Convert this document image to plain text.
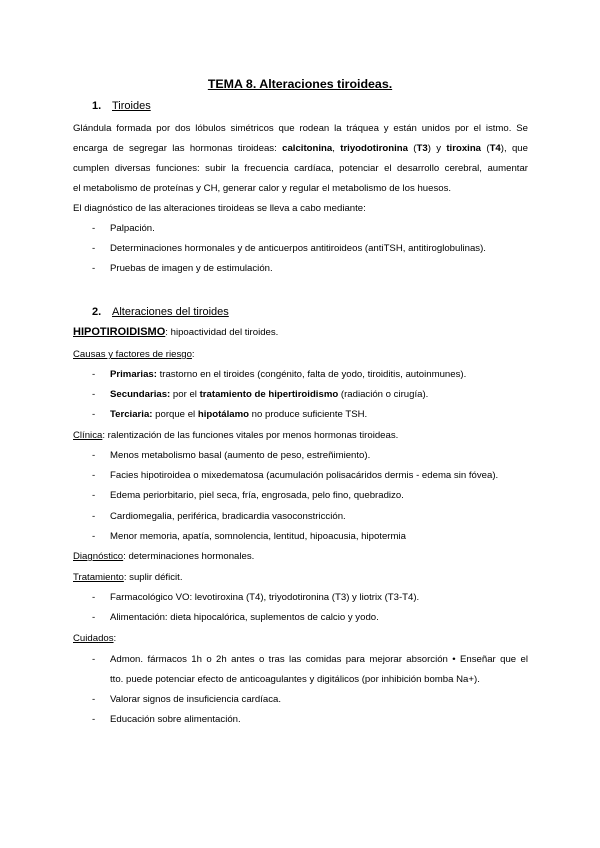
TEMA 8. Alteraciones tiroideas.
1. Tiroides
Glándula formada por dos lóbulos simétricos que rodean la tráquea y están unidos por el istmo. Se
encarga de segregar las hormonas tiroideas: calcitonina, triyodotironina (T3) y tiroxina (T4), que
cumplen diversas funciones: subir la frecuencia cardíaca, potenciar el desarrollo cerebral, aumentar
el metabolismo de proteínas y CH, generar calor y regular el metabolismo de los huesos.
El diagnóstico de las alteraciones tiroideas se lleva a cabo mediante:
- Palpación.
- Determinaciones hormonales y de anticuerpos antitiroideos (antiTSH, antitiroglobulinas).
- Pruebas de imagen y de estimulación.
2. Alteraciones del tiroides
HIPOTIROIDISMO: hipoactividad del tiroides.
Causas y factores de riesgo:
- Primarias: trastorno en el tiroides (congénito, falta de yodo, tiroiditis, autoinmunes).
- Secundarias: por el tratamiento de hipertiroidismo (radiación o cirugía).
- Terciaria: porque el hipotálamo no produce suficiente TSH.
Clínica: ralentización de las funciones vitales por menos hormonas tiroideas.
- Menos metabolismo basal (aumento de peso, estreñimiento).
- Facies hipotiroidea o mixedematosa (acumulación polisacáridos dermis - edema sin fóvea).
- Edema periorbitario, piel seca, fría, engrosada, pelo fino, quebradizo.
- Cardiomegalia, periférica, bradicardia vasoconstricción.
- Menor memoria, apatía, somnolencia, lentitud, hipoacusia, hipotermia
Diagnóstico: determinaciones hormonales.
Tratamiento: suplir déficit.
- Farmacológico VO: levotiroxina (T4), triyodotironina (T3) y liotrix (T3-T4).
- Alimentación: dieta hipocalórica, suplementos de calcio y yodo.
Cuidados:
- Admon. fármacos 1h o 2h antes o tras las comidas para mejorar absorción • Enseñar que el
tto. puede potenciar efecto de anticoagulantes y digitálicos (por inhibición bomba Na+).
- Valorar signos de insuficiencia cardíaca.
- Educación sobre alimentación.
